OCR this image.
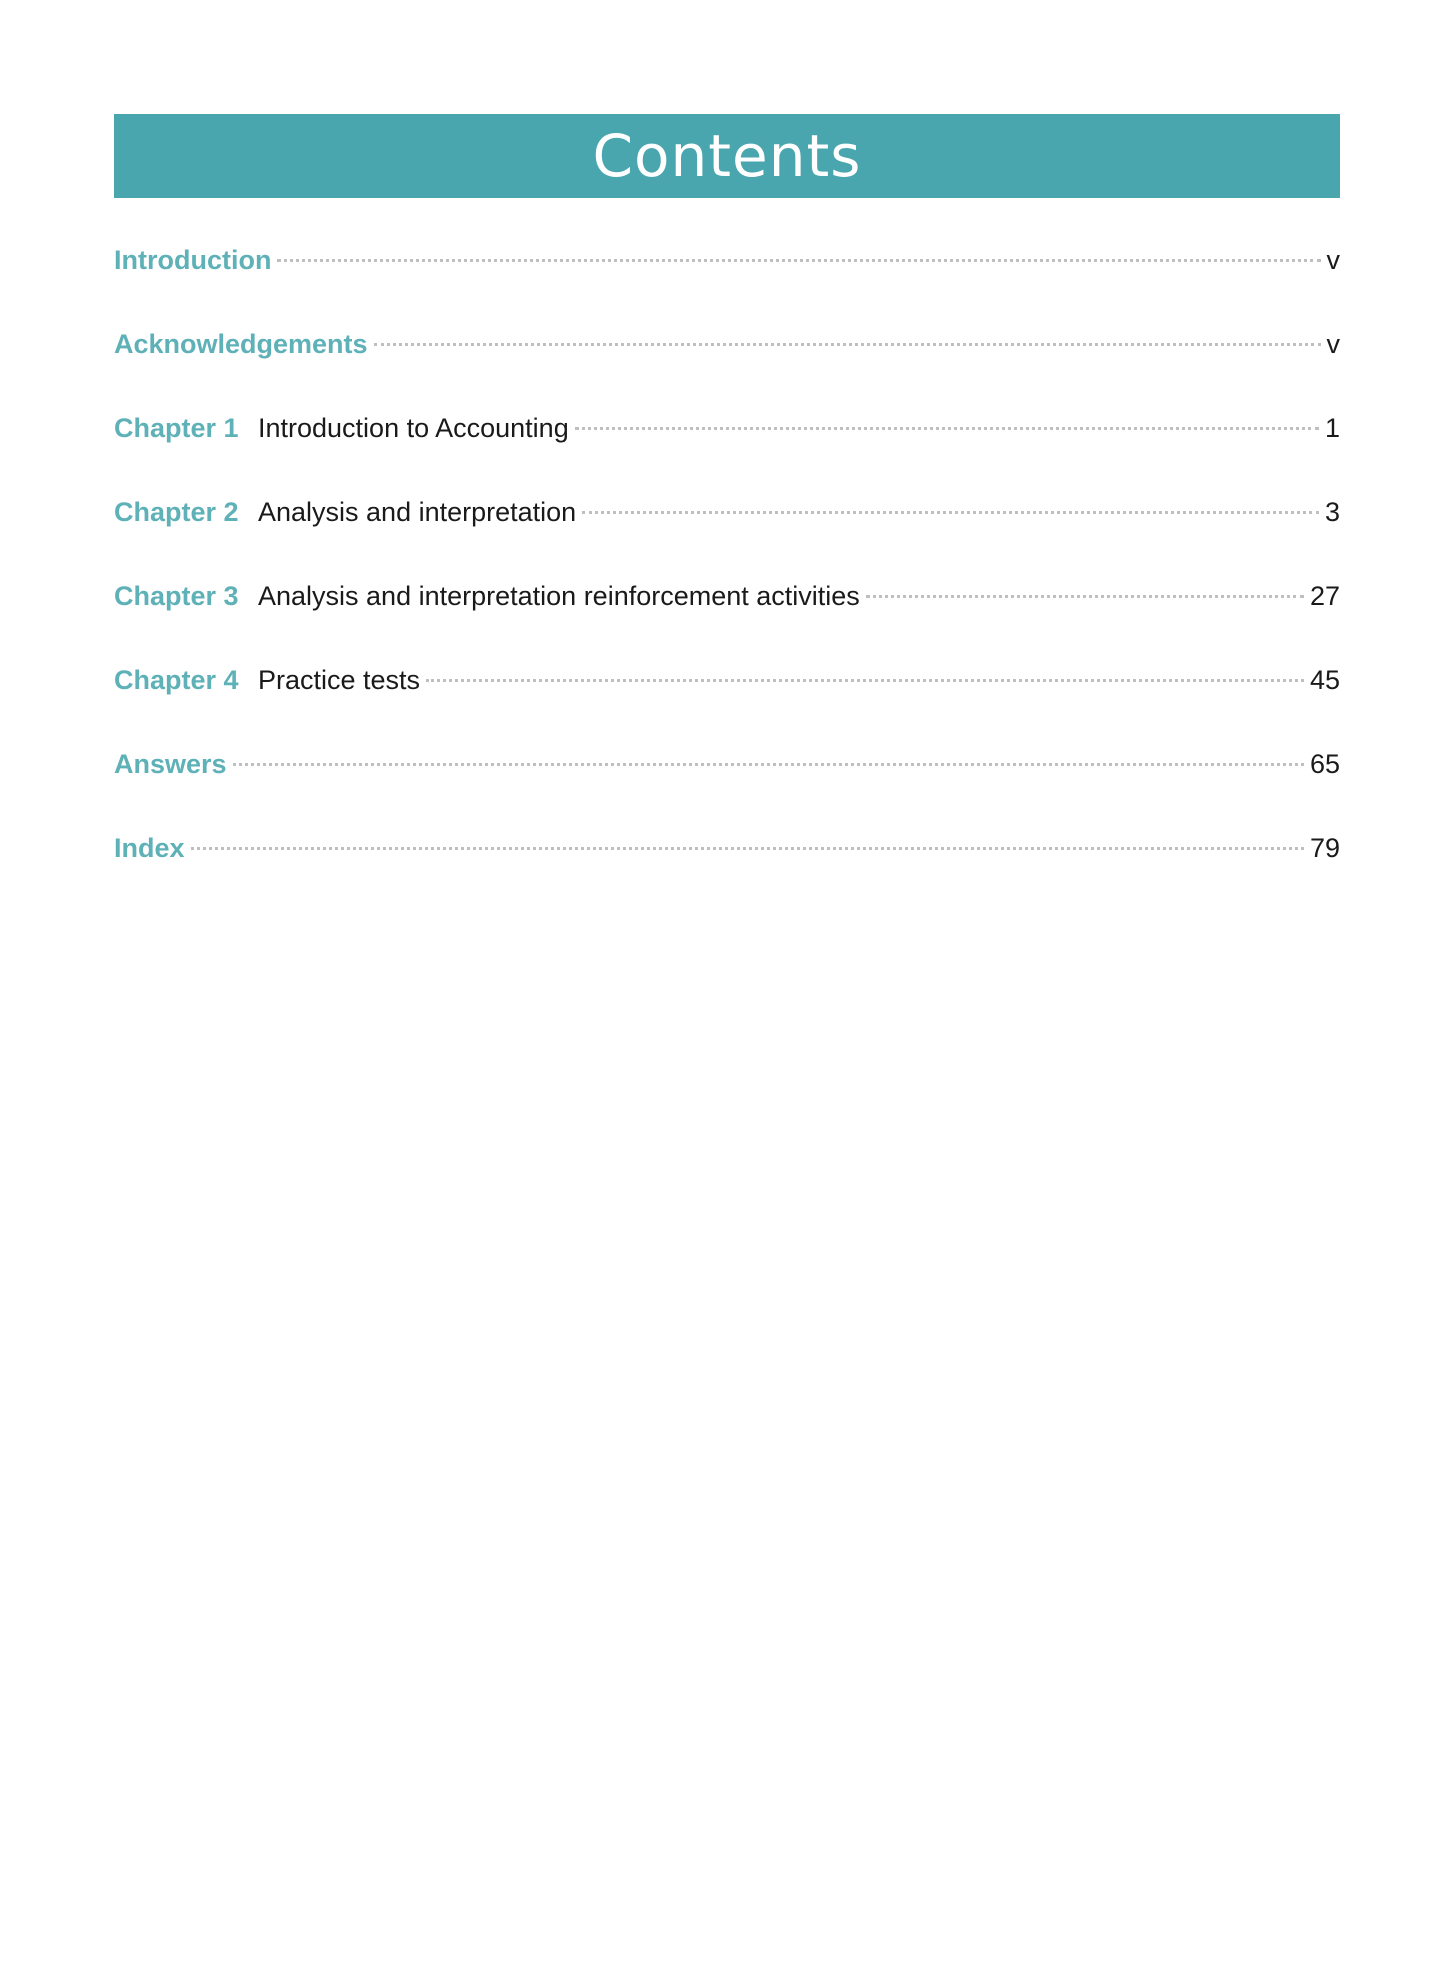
Contents
Introduction	v
Acknowledgements	v
Chapter 1 Introduction to Accounting	1
Chapter 2 Analysis and interpretation	3
Chapter 3 Analysis and interpretation reinforcement activities	27
Chapter 4 Practice tests	45
Answers	65
Index	79
